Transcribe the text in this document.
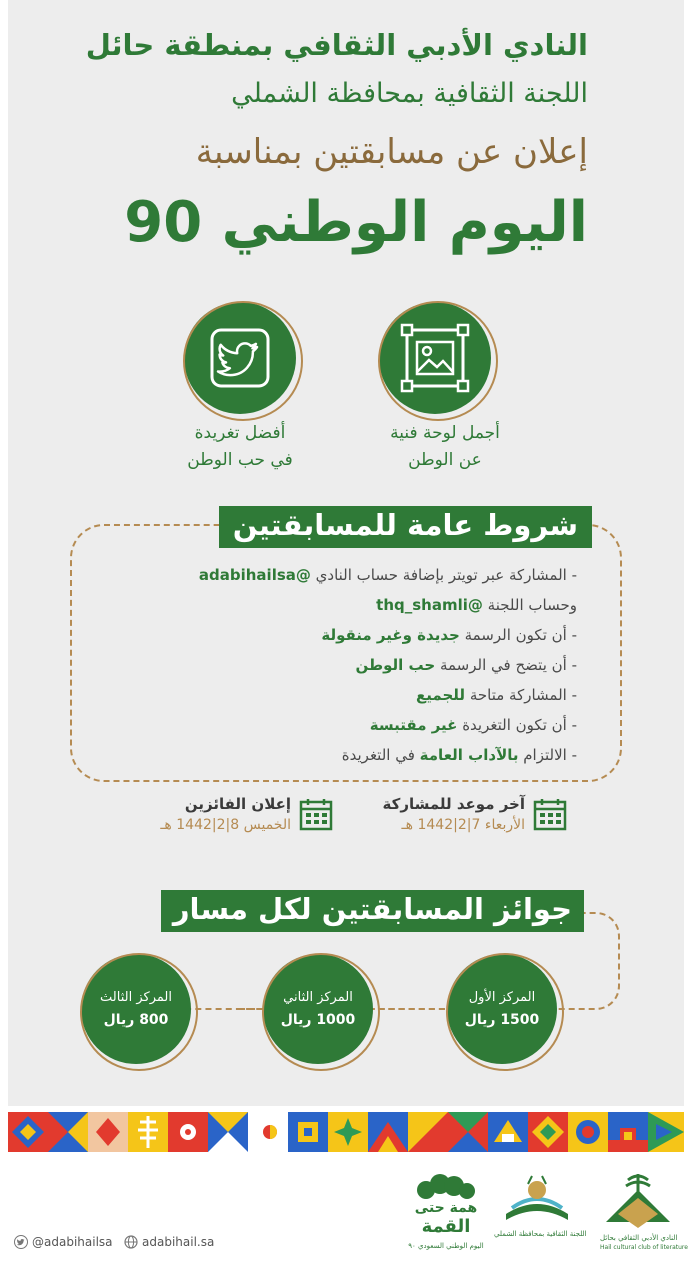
النادي الأدبي الثقافي بمنطقة حائل
اللجنة الثقافية بمحافظة الشملي
إعلان عن مسابقتين بمناسبة
اليوم الوطني 90
أجمل لوحة فنية
عن الوطن
أفضل تغريدة
في حب الوطن
شروط عامة للمسابقتين
- المشاركة عبر تويتر بإضافة حساب النادي @adabihailsa
وحساب اللجنة @thq_shamli
- أن تكون الرسمة جديدة وغير منقولة
- أن يتضح في الرسمة حب الوطن
- المشاركة متاحة للجميع
- أن تكون التغريدة غير مقتبسة
- الالتزام بالآداب العامة في التغريدة
آخر موعد للمشاركة
الأربعاء 7|2|1442 هـ
إعلان الفائزين
الخميس 8|2|1442 هـ
جوائز المسابقتين لكل مسار
المركز الأول
1500 ريال
المركز الثاني
1000 ريال
المركز الثالث
800 ريال
النادي الأدبي الثقافي بحائل
Hail cultural club of literature
اللجنة الثقافية بمحافظة الشملي
همة حتى
القمة
اليوم الوطني السعودي ٩٠
@adabihailsa adabihail.sa
